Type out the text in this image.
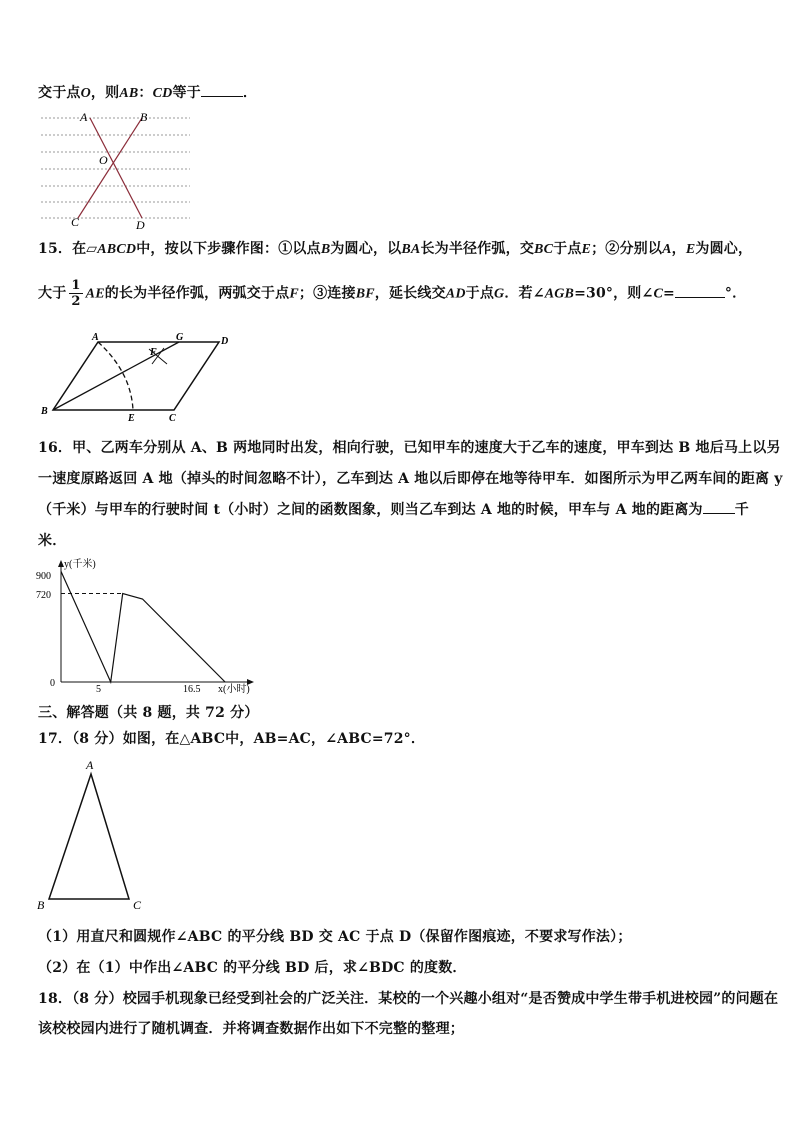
交于点O，则AB：CD等于	．
A	B
O
C	D
15．在▱ABCD中，按以下步骤作图：①以点B为圆心，以BA长为半径作弧，交BC于点E；②分别以A，E为圆心，
大于 $\frac{1}{2}$ AE的长为半径作弧，两弧交于点F；③连接BF，延长线交AD于点G．若∠AGB=30°，则∠C=	°．
A	G	D
F
B
E	C
16．甲、乙两车分别从 A、B 两地同时出发，相向行驶，已知甲车的速度大于乙车的速度，甲车到达 B 地后马上以另
一速度原路返回 A 地（掉头的时间忽略不计），乙车到达 A 地以后即停在地等待甲车．如图所示为甲乙两车间的距离 y
（千米）与甲车的行驶时间 t（小时）之间的函数图象，则当乙车到达 A 地的时候，甲车与 A 地的距离为 千
米．
y(千米)
x(小时)
900
720
0
5	16.5
三、解答题（共 8 题，共 72 分）
17．（8 分）如图，在△ABC中，AB=AC，∠ABC=72°．
A
B	C
（1）用直尺和圆规作∠ABC 的平分线 BD 交 AC 于点 D（保留作图痕迹，不要求写作法）；
（2）在（1）中作出∠ABC 的平分线 BD 后，求∠BDC 的度数．
18．（8 分）校园手机现象已经受到社会的广泛关注．某校的一个兴趣小组对“是否赞成中学生带手机进校园”的问题在
该校校园内进行了随机调查．并将调查数据作出如下不完整的整理；
